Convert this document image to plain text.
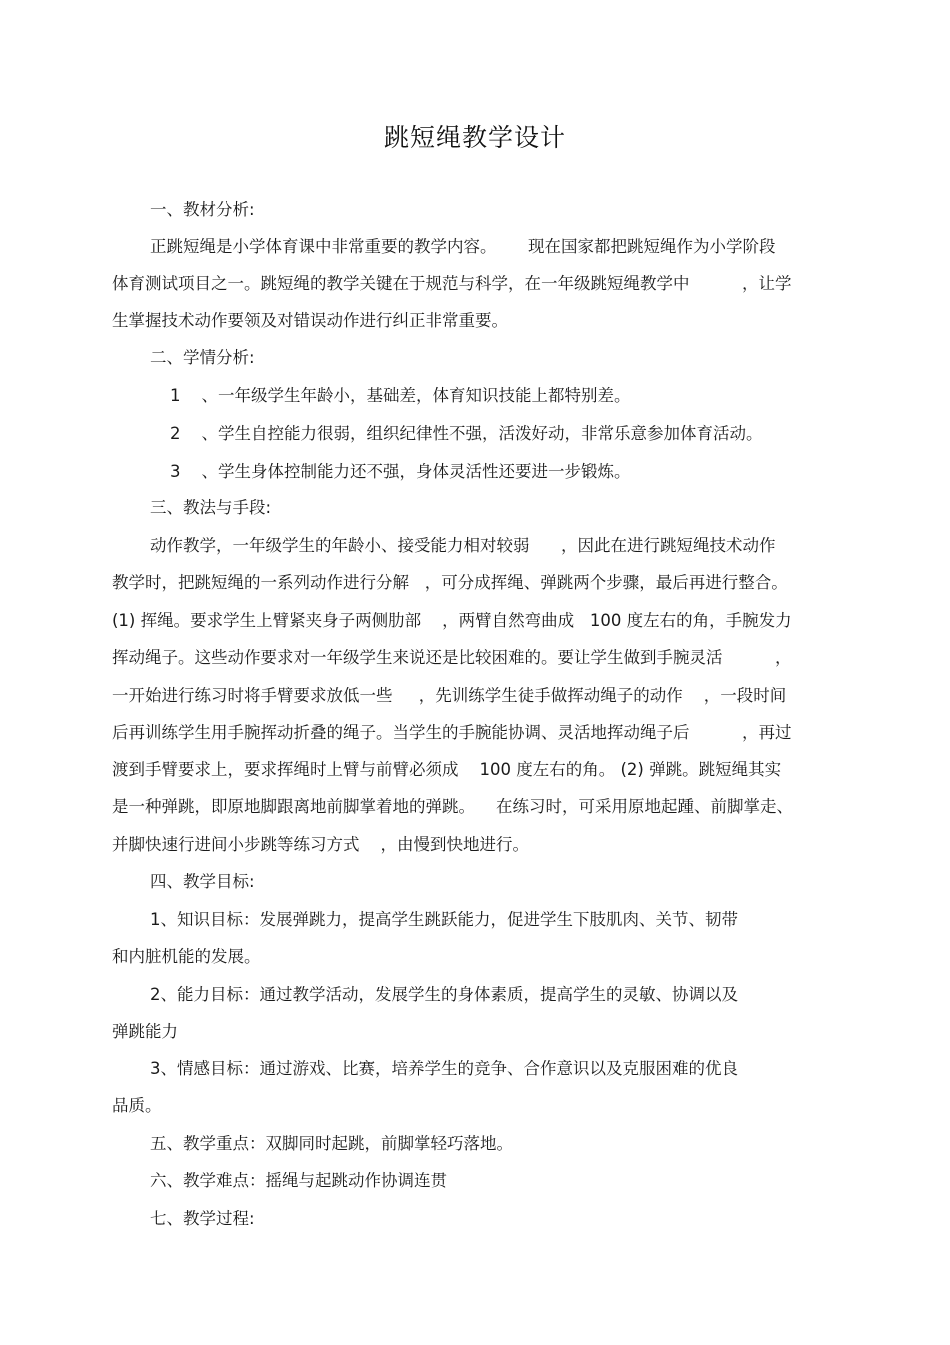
跳短绳教学设计
一、教材分析:
正跳短绳是小学体育课中非常重要的教学内容。      现在国家都把跳短绳作为小学阶段
体育测试项目之一。跳短绳的教学关键在于规范与科学，在一年级跳短绳教学中          ，让学
生掌握技术动作要领及对错误动作进行纠正非常重要。
二、学情分析:
1    、一年级学生年龄小，基础差，体育知识技能上都特别差。
2    、学生自控能力很弱，组织纪律性不强，活泼好动，非常乐意参加体育活动。
3    、学生身体控制能力还不强，身体灵活性还要进一步锻炼。
三、教法与手段:
动作教学，一年级学生的年龄小、接受能力相对较弱      ，因此在进行跳短绳技术动作
教学时，把跳短绳的一系列动作进行分解   ，可分成挥绳、弹跳两个步骤，最后再进行整合。
(1) 挥绳。要求学生上臂紧夹身子两侧肋部    ，两臂自然弯曲成   100 度左右的角，手腕发力
挥动绳子。这些动作要求对一年级学生来说还是比较困难的。要让学生做到手腕灵活          ，
一开始进行练习时将手臂要求放低一些     ，先训练学生徒手做挥动绳子的动作    ，一段时间
后再训练学生用手腕挥动折叠的绳子。当学生的手腕能协调、灵活地挥动绳子后          ，再过
渡到手臂要求上，要求挥绳时上臂与前臂必须成    100 度左右的角。 (2) 弹跳。跳短绳其实
是一种弹跳，即原地脚跟离地前脚掌着地的弹跳。    在练习时，可采用原地起踵、前脚掌走、
并脚快速行进间小步跳等练习方式    ，由慢到快地进行。
四、教学目标:
1、知识目标：发展弹跳力，提高学生跳跃能力，促进学生下肢肌肉、关节、韧带
和内脏机能的发展。
2、能力目标：通过教学活动，发展学生的身体素质，提高学生的灵敏、协调以及
弹跳能力
3、情感目标：通过游戏、比赛，培养学生的竞争、合作意识以及克服困难的优良
品质。
五、教学重点：双脚同时起跳，前脚掌轻巧落地。
六、教学难点：摇绳与起跳动作协调连贯
七、教学过程:
